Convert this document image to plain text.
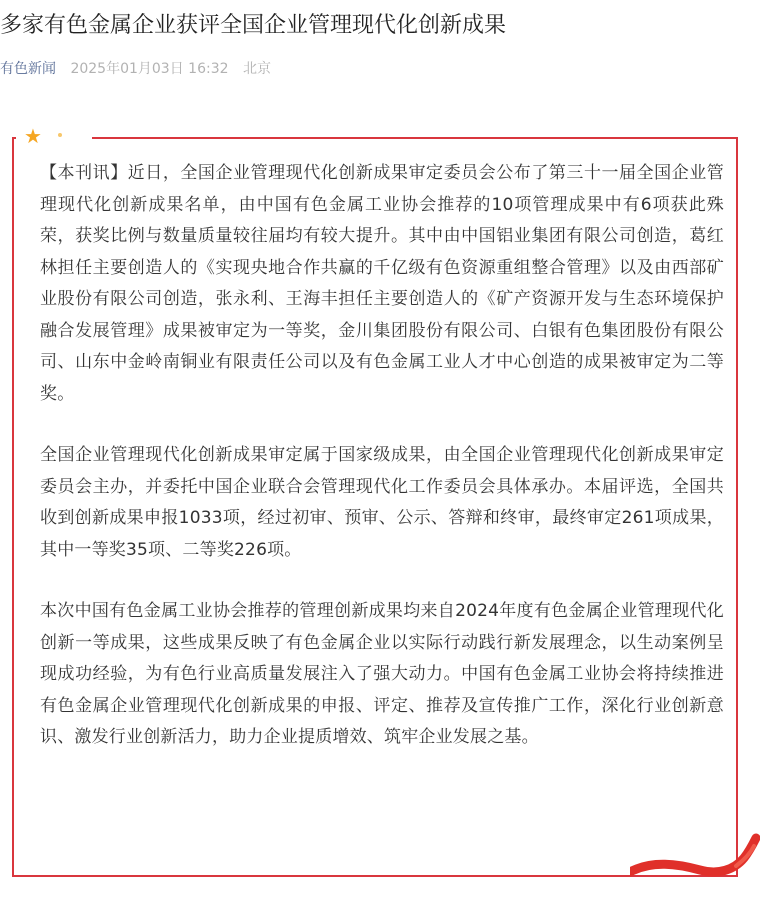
多家有色金属企业获评全国企业管理现代化创新成果
有色新闻 2025年01月03日 16:32 北京
★

【本刊讯】近日，全国企业管理现代化创新成果审定委员会公布了第三十一届全国企业管理现代化创新成果名单，由中国有色金属工业协会推荐的10项管理成果中有6项获此殊荣，获奖比例与数量质量较往届均有较大提升。其中由中国铝业集团有限公司创造，葛红林担任主要创造人的《实现央地合作共赢的千亿级有色资源重组整合管理》以及由西部矿业股份有限公司创造，张永利、王海丰担任主要创造人的《矿产资源开发与生态环境保护融合发展管理》成果被审定为一等奖，金川集团股份有限公司、白银有色集团股份有限公司、山东中金岭南铜业有限责任公司以及有色金属工业人才中心创造的成果被审定为二等奖。

全国企业管理现代化创新成果审定属于国家级成果，由全国企业管理现代化创新成果审定委员会主办，并委托中国企业联合会管理现代化工作委员会具体承办。本届评选，全国共收到创新成果申报1033项，经过初审、预审、公示、答辩和终审，最终审定261项成果，其中一等奖35项、二等奖226项。

本次中国有色金属工业协会推荐的管理创新成果均来自2024年度有色金属企业管理现代化创新一等成果，这些成果反映了有色金属企业以实际行动践行新发展理念，以生动案例呈现成功经验，为有色行业高质量发展注入了强大动力。中国有色金属工业协会将持续推进有色金属企业管理现代化创新成果的申报、评定、推荐及宣传推广工作，深化行业创新意识、激发行业创新活力，助力企业提质增效、筑牢企业发展之基。
